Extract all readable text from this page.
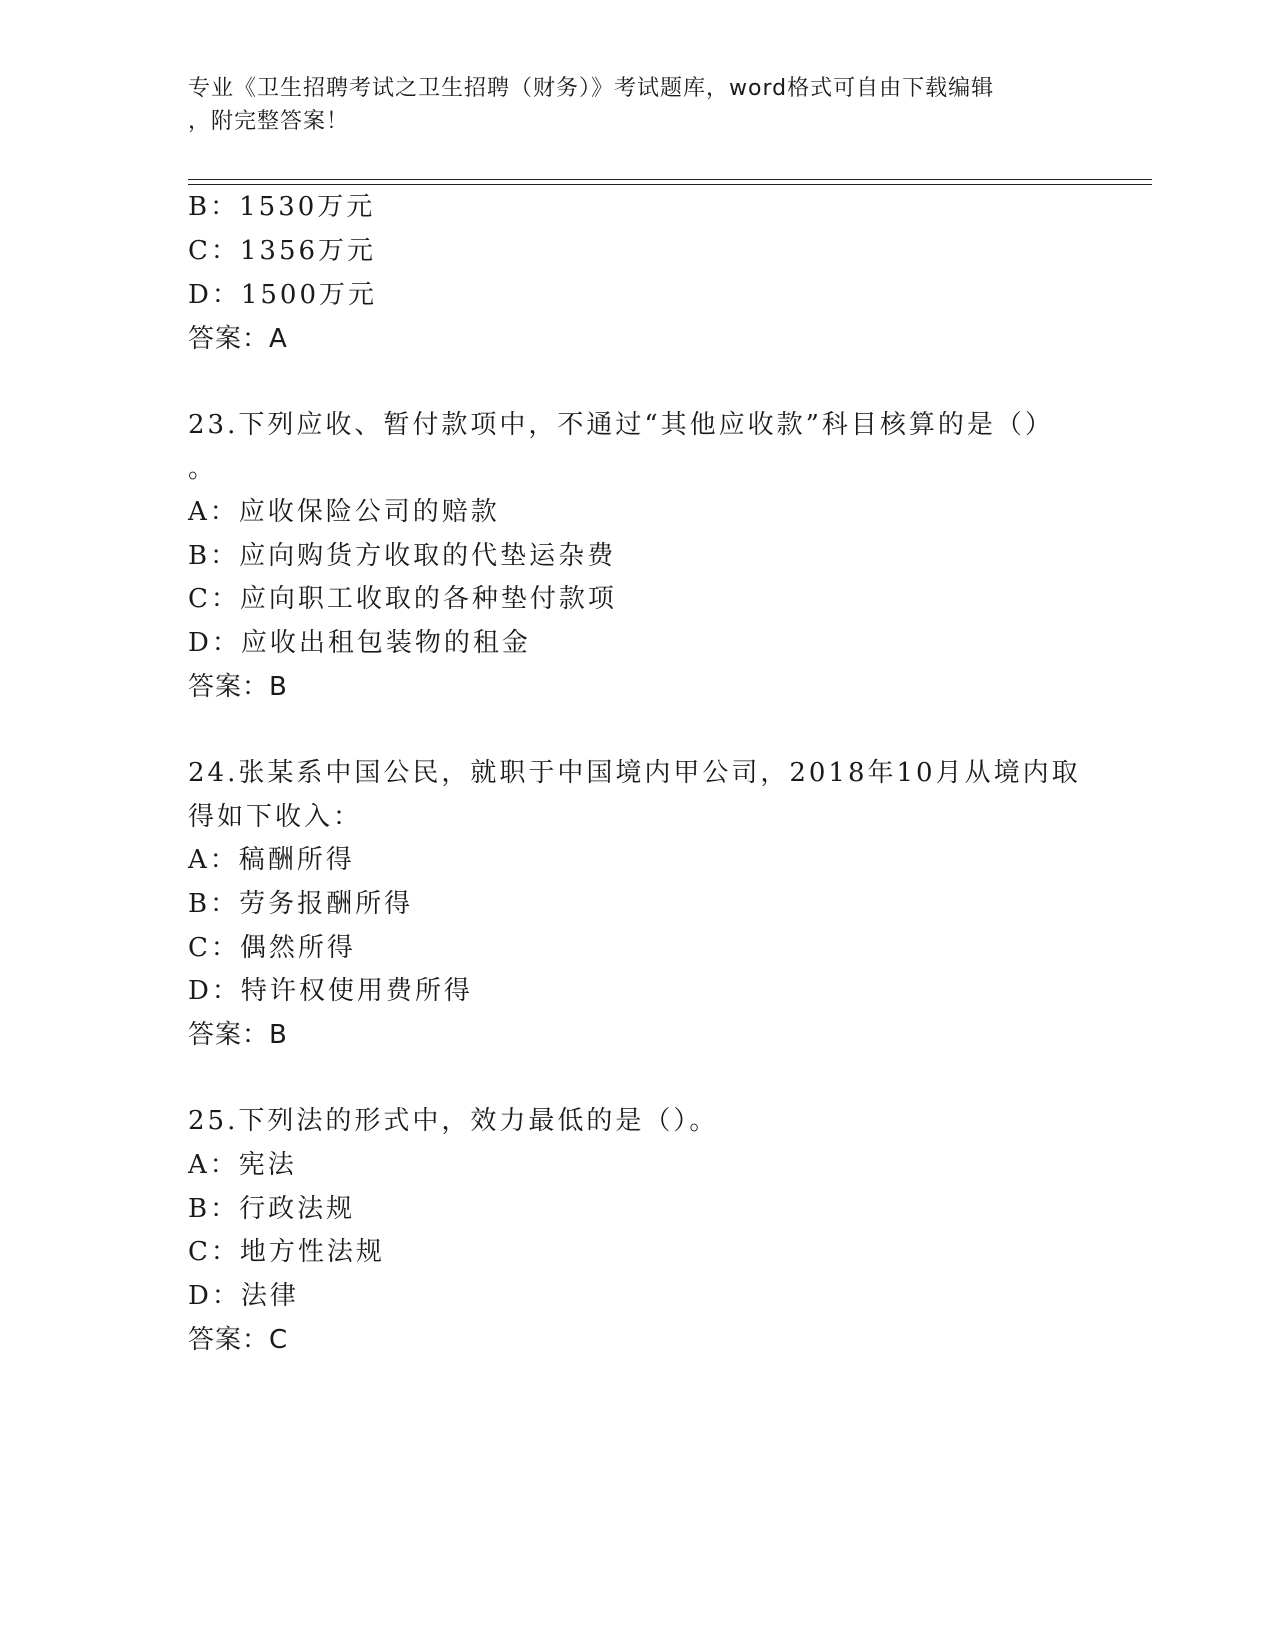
专业《卫生招聘考试之卫生招聘（财务）》考试题库，word格式可自由下载编辑
，附完整答案！
B：1530万元
C：1356万元
D：1500万元
答案：A
23.下列应收、暂付款项中，不通过“其他应收款”科目核算的是（）
。
A：应收保险公司的赔款
B：应向购货方收取的代垫运杂费
C：应向职工收取的各种垫付款项
D：应收出租包装物的租金
答案：B
24.张某系中国公民，就职于中国境内甲公司，2018年10月从境内取
得如下收入：
A：稿酬所得
B：劳务报酬所得
C：偶然所得
D：特许权使用费所得
答案：B
25.下列法的形式中，效力最低的是（）。
A：宪法
B：行政法规
C：地方性法规
D：法律
答案：C
